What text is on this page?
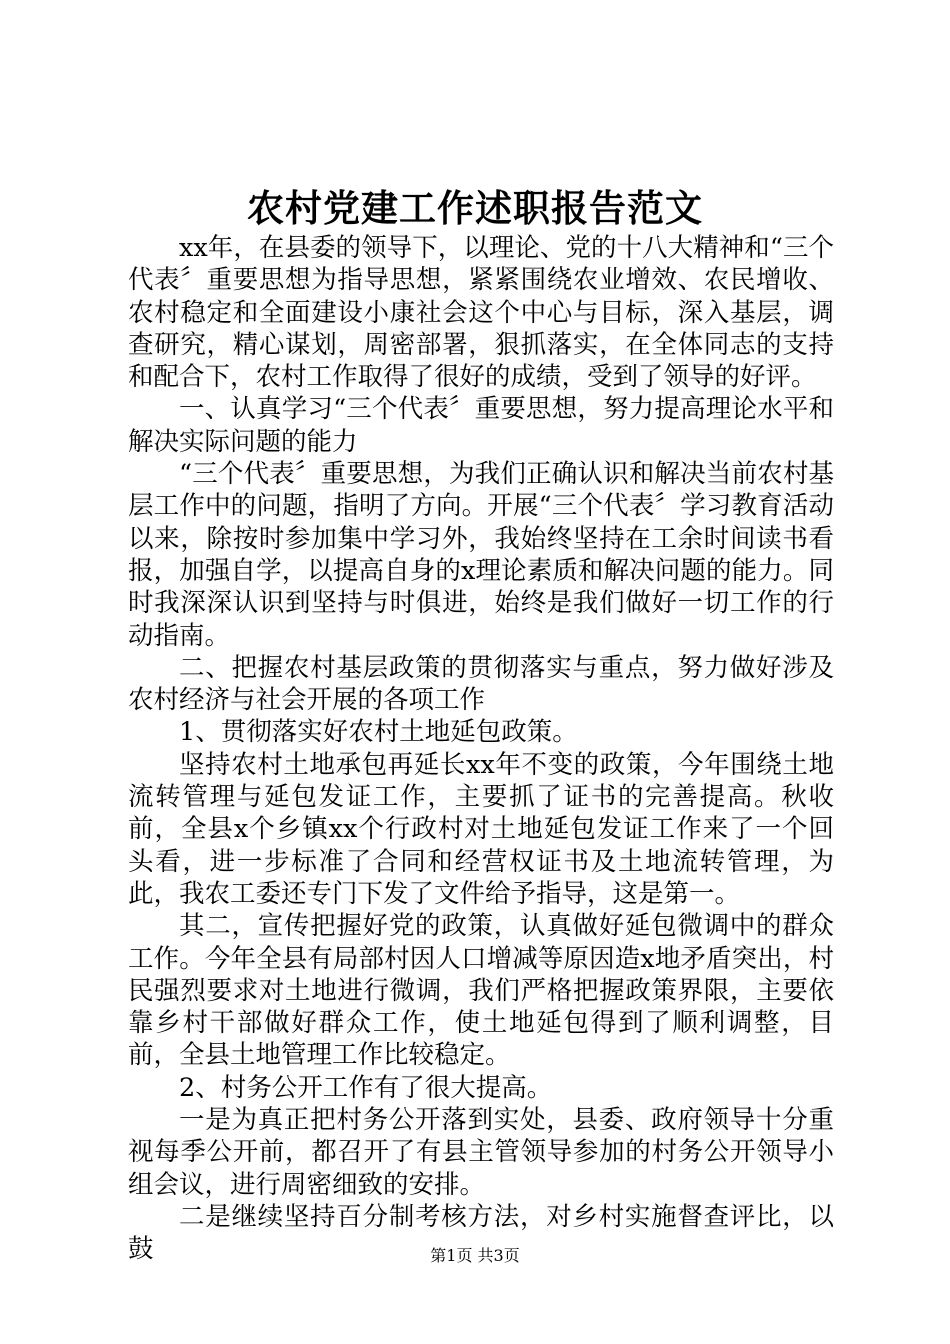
农村党建工作述职报告范文

xx年，在县委的领导下，以理论、党的十八大精神和“三个代表〞重要思想为指导思想，紧紧围绕农业增效、农民增收、农村稳定和全面建设小康社会这个中心与目标，深入基层，调查研究，精心谋划，周密部署，狠抓落实，在全体同志的支持和配合下，农村工作取得了很好的成绩，受到了领导的好评。

一、认真学习“三个代表〞重要思想，努力提高理论水平和解决实际问题的能力

“三个代表〞重要思想，为我们正确认识和解决当前农村基层工作中的问题，指明了方向。开展“三个代表〞学习教育活动以来，除按时参加集中学习外，我始终坚持在工余时间读书看报，加强自学，以提高自身的x理论素质和解决问题的能力。同时我深深认识到坚持与时俱进，始终是我们做好一切工作的行动指南。

二、把握农村基层政策的贯彻落实与重点，努力做好涉及农村经济与社会开展的各项工作

1、贯彻落实好农村土地延包政策。

坚持农村土地承包再延长xx年不变的政策，今年围绕土地流转管理与延包发证工作，主要抓了证书的完善提高。秋收前，全县x个乡镇xx个行政村对土地延包发证工作来了一个回头看，进一步标准了合同和经营权证书及土地流转管理，为此，我农工委还专门下发了文件给予指导，这是第一。

其二，宣传把握好党的政策，认真做好延包微调中的群众工作。今年全县有局部村因人口增减等原因造x地矛盾突出，村民强烈要求对土地进行微调，我们严格把握政策界限，主要依靠乡村干部做好群众工作，使土地延包得到了顺利调整，目前，全县土地管理工作比较稳定。

2、村务公开工作有了很大提高。

一是为真正把村务公开落到实处，县委、政府领导十分重视每季公开前，都召开了有县主管领导参加的村务公开领导小组会议，进行周密细致的安排。

二是继续坚持百分制考核方法，对乡村实施督查评比，以鼓	第1页 共3页
